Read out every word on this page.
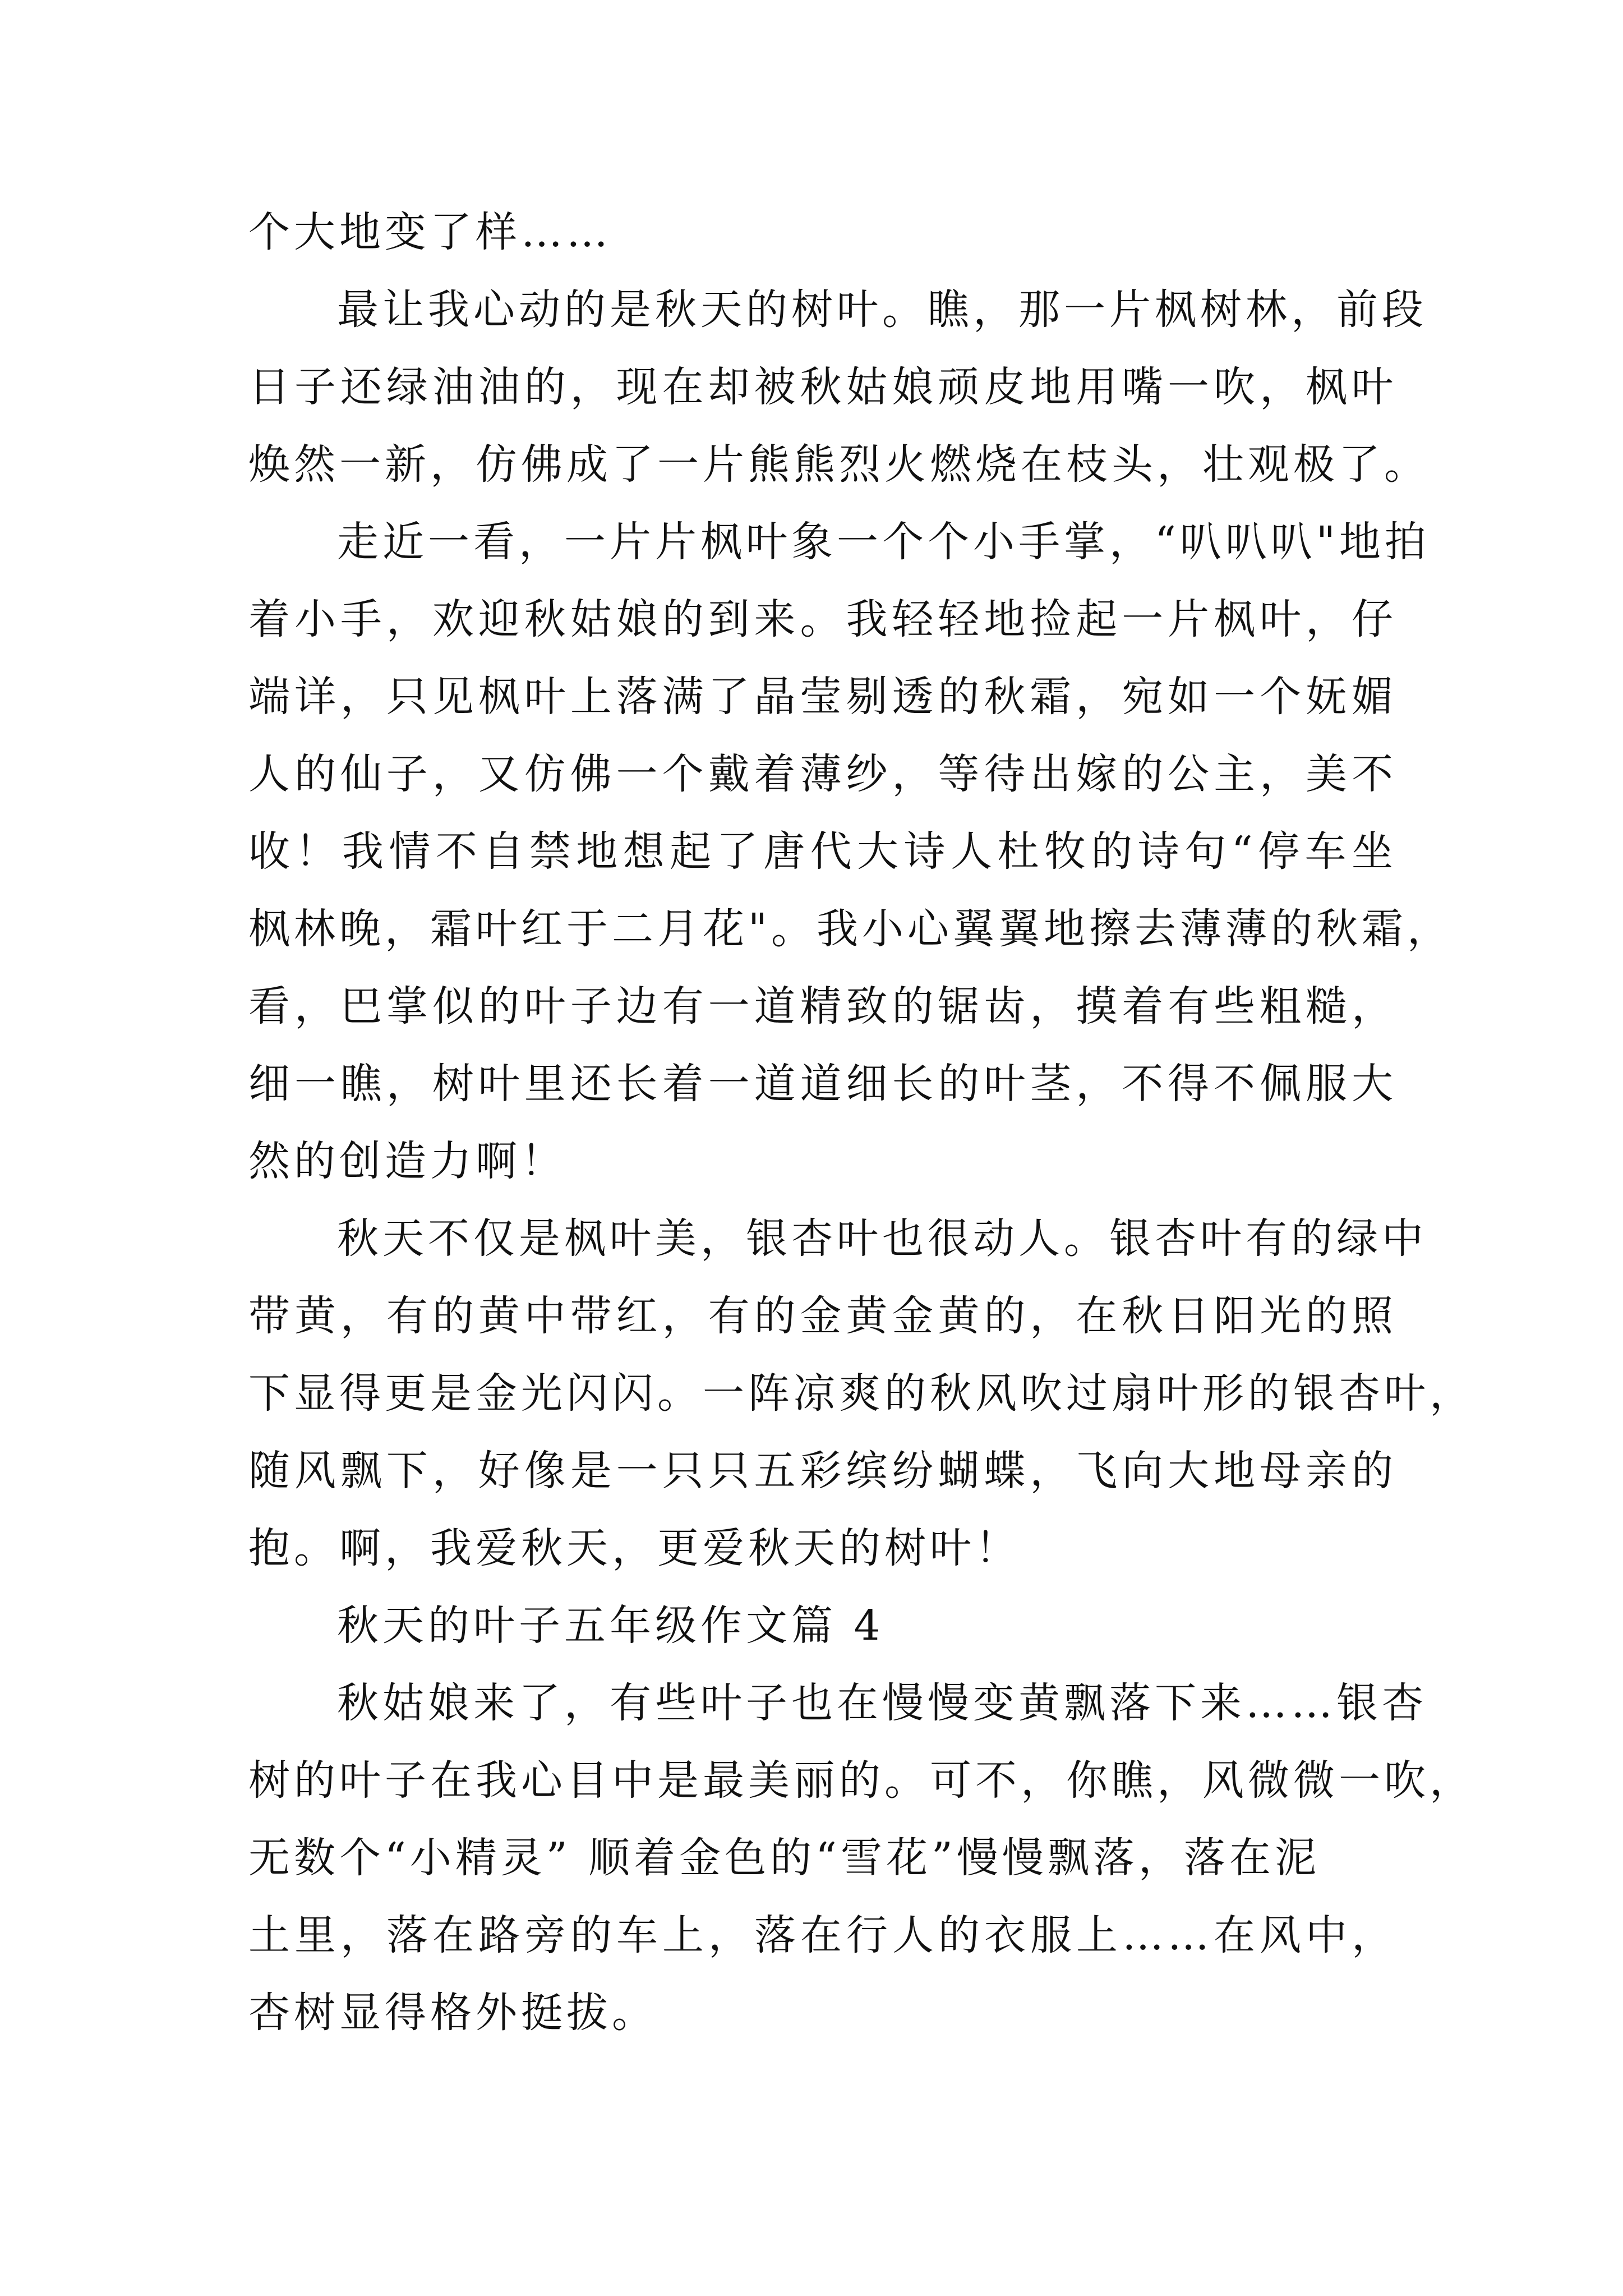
个大地变了样……
最让我心动的是秋天的树叶。瞧，那一片枫树林，前段
日子还绿油油的，现在却被秋姑娘顽皮地用嘴一吹，枫叶
焕然一新，仿佛成了一片熊熊烈火燃烧在枝头，壮观极了。
走近一看，一片片枫叶象一个个小手掌，“叭叭叭"地拍
着小手，欢迎秋姑娘的到来。我轻轻地捡起一片枫叶，仔
端详，只见枫叶上落满了晶莹剔透的秋霜，宛如一个妩媚
人的仙子，又仿佛一个戴着薄纱，等待出嫁的公主，美不
收！我情不自禁地想起了唐代大诗人杜牧的诗句“停车坐
枫林晚，霜叶红于二月花"。我小心翼翼地擦去薄薄的秋霜，
看，巴掌似的叶子边有一道精致的锯齿，摸着有些粗糙，
细一瞧，树叶里还长着一道道细长的叶茎，不得不佩服大
然的创造力啊！
秋天不仅是枫叶美，银杏叶也很动人。银杏叶有的绿中
带黄，有的黄中带红，有的金黄金黄的，在秋日阳光的照
下显得更是金光闪闪。一阵凉爽的秋风吹过扇叶形的银杏叶，
随风飘下，好像是一只只五彩缤纷蝴蝶，飞向大地母亲的
抱。啊，我爱秋天，更爱秋天的树叶！
秋天的叶子五年级作文篇 4
秋姑娘来了，有些叶子也在慢慢变黄飘落下来……银杏
树的叶子在我心目中是最美丽的。可不，你瞧，风微微一吹，
无数个“小精灵” 顺着金色的“雪花”慢慢飘落，落在泥
土里，落在路旁的车上，落在行人的衣服上……在风中，
杏树显得格外挺拔。
